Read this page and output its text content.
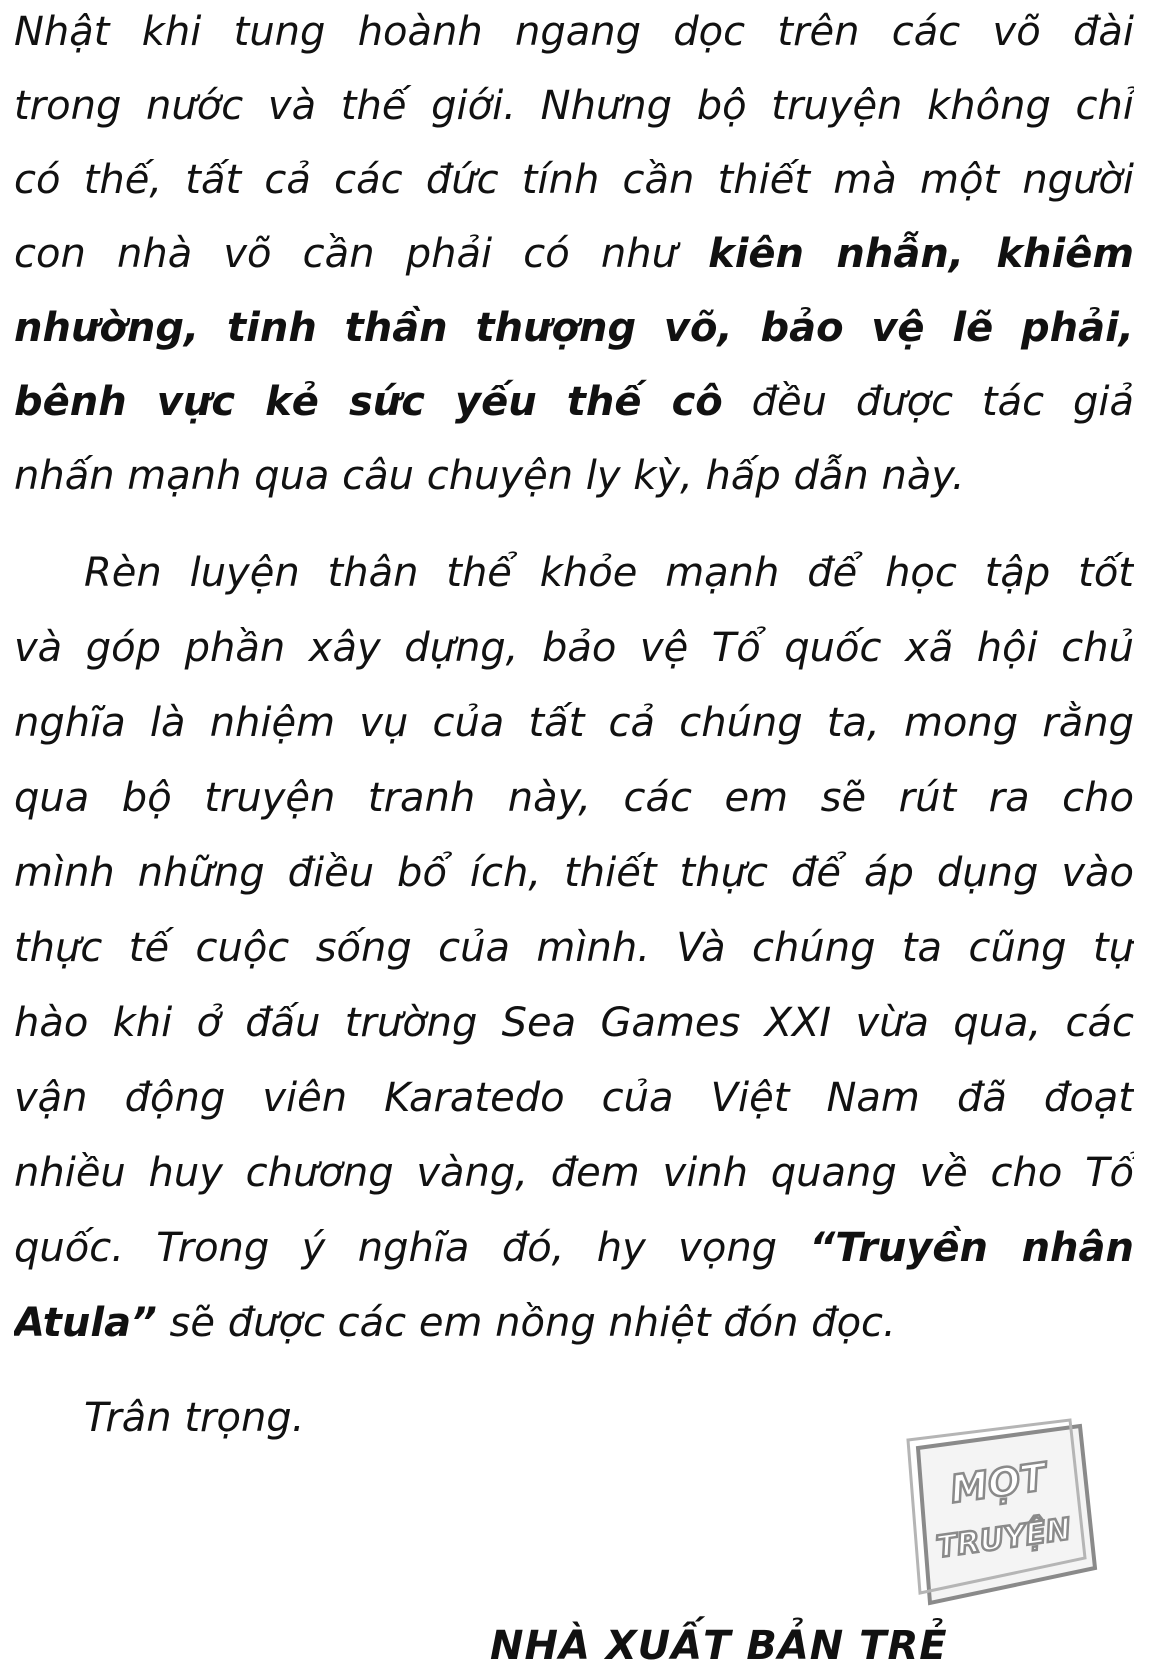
Nhật khi tung hoành ngang dọc trên các võ đài
trong nước và thế giới. Nhưng bộ truyện không chỉ
có thế, tất cả các đức tính cần thiết mà một người
con nhà võ cần phải có như kiên nhẫn, khiêm
nhường, tinh thần thượng võ, bảo vệ lẽ phải,
bênh vực kẻ sức yếu thế cô đều được tác giả
nhấn mạnh qua câu chuyện ly kỳ, hấp dẫn này.
Rèn luyện thân thể khỏe mạnh để học tập tốt
và góp phần xây dựng, bảo vệ Tổ quốc xã hội chủ
nghĩa là nhiệm vụ của tất cả chúng ta, mong rằng
qua bộ truyện tranh này, các em sẽ rút ra cho
mình những điều bổ ích, thiết thực để áp dụng vào
thực tế cuộc sống của mình. Và chúng ta cũng tự
hào khi ở đấu trường Sea Games XXI vừa qua, các
vận động viên Karatedo của Việt Nam đã đoạt
nhiều huy chương vàng, đem vinh quang về cho Tổ
quốc. Trong ý nghĩa đó, hy vọng “Truyền nhân
Atula” sẽ được các em nồng nhiệt đón đọc.
Trân trọng.
MỌT
TRUYỆN
NHÀ XUẤT BẢN TRẺ
